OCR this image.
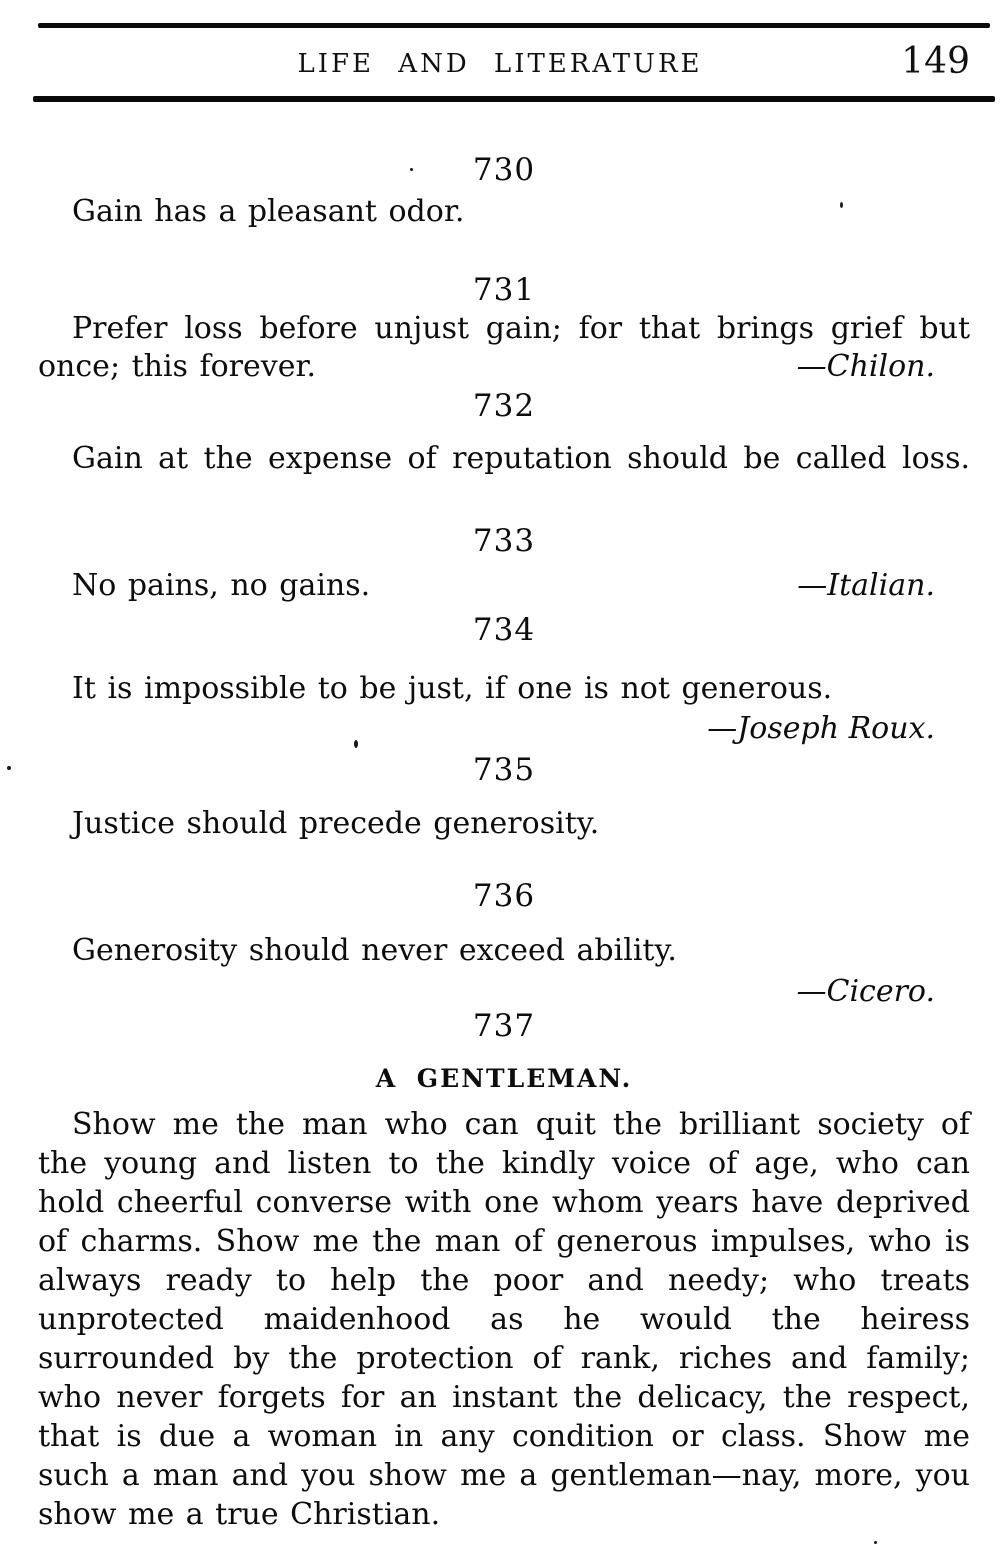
LIFE AND LITERATURE	149
730

Gain has a pleasant odor.

731

Prefer loss before unjust gain; for that brings grief but once; this forever.	—Chilon.
732

Gain at the expense of reputation should be called loss.

733

No pains, no gains.	—Italian.
734

It is impossible to be just, if one is not generous.

—Joseph Roux.
735

Justice should precede generosity.

736

Generosity should never exceed ability.

—Cicero.
737
A GENTLEMAN.

Show me the man who can quit the brilliant society of the young and listen to the kindly voice of age, who can hold cheerful converse with one whom years have deprived of charms. Show me the man of generous impulses, who is always ready to help the poor and needy; who treats unprotected maidenhood as he would the heiress surrounded by the protection of rank, riches and family; who never forgets for an instant the delicacy, the respect, that is due a woman in any condition or class. Show me such a man and you show me a gentleman—nay, more, you show me a true Christian.
